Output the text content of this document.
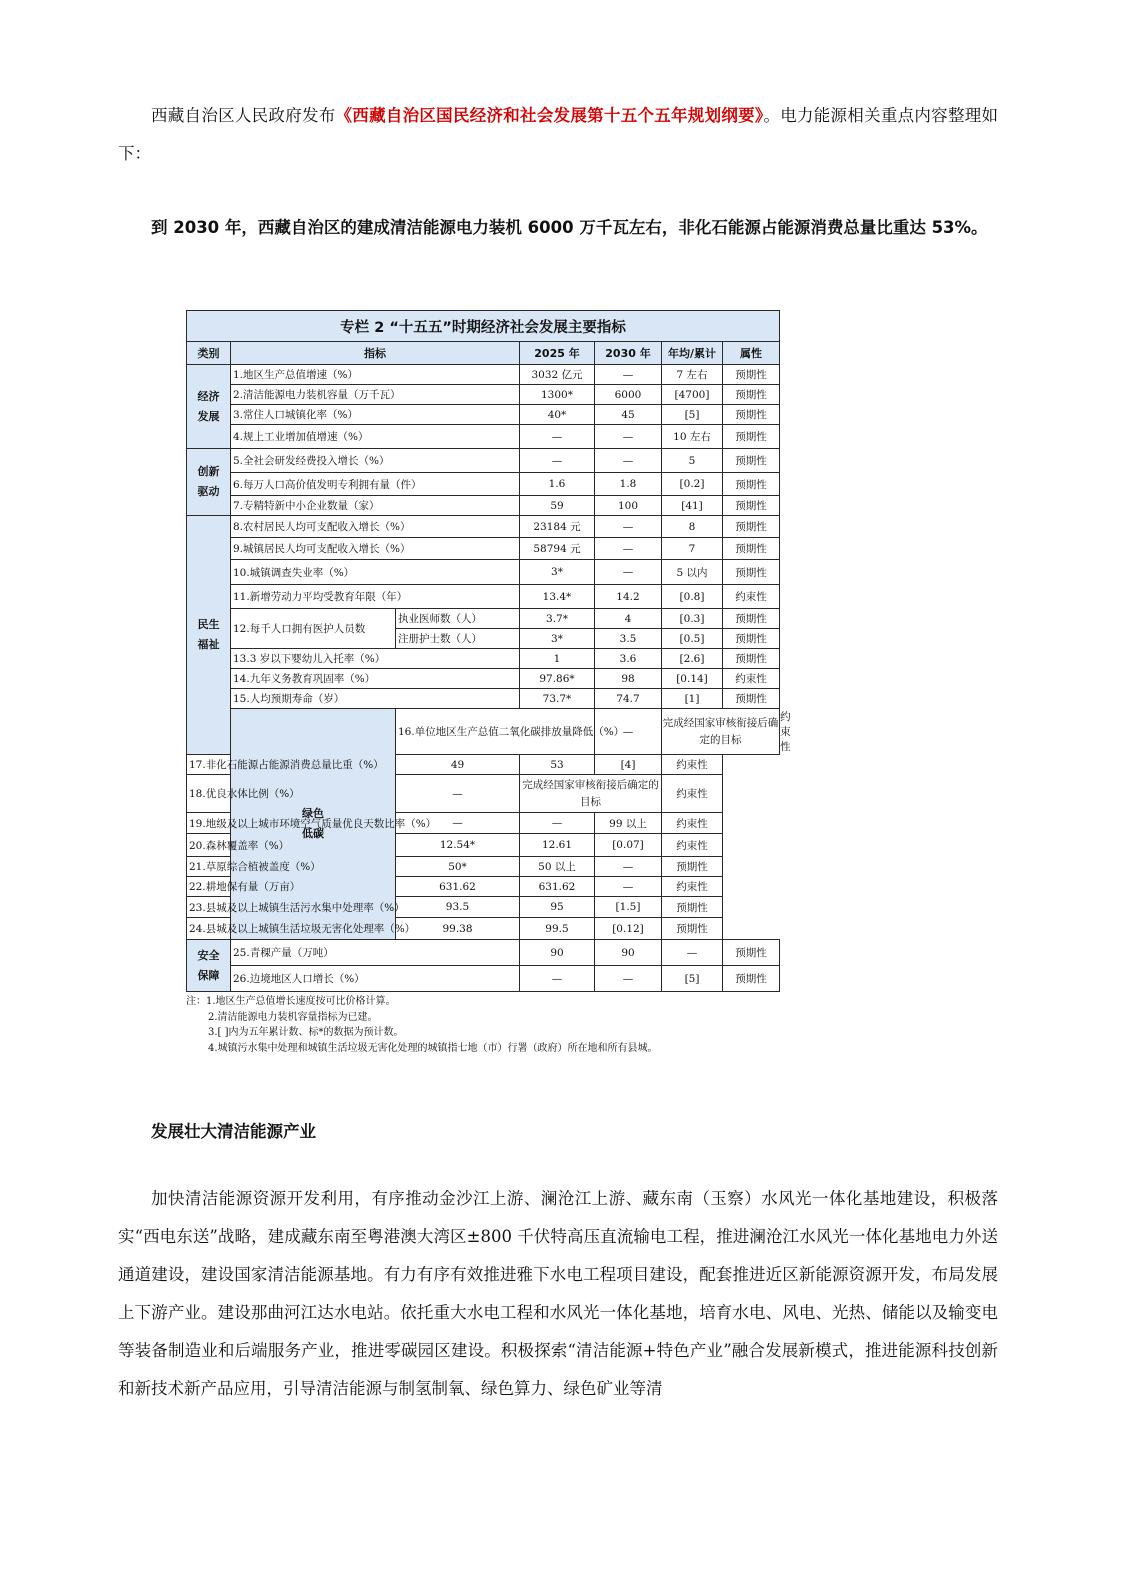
西藏自治区人民政府发布《西藏自治区国民经济和社会发展第十五个五年规划纲要》。电力能源相关重点内容整理如下：

到 2030 年，西藏自治区的建成清洁能源电力装机 6000 万千瓦左右，非化石能源占能源消费总量比重达 53%。
专栏 2 “十五五”时期经济社会发展主要指标							
类别	指标		2025 年	2030 年	年均/累计	属性	
经济
发展	1.地区生产总值增速（%）		3032 亿元	—	7 左右	预期性	
	2.清洁能源电力装机容量（万千瓦）		1300*	6000	[4700]	预期性	
	3.常住人口城镇化率（%）		40*	45	[5]	预期性	
	4.规上工业增加值增速（%）		—	—	10 左右	预期性	
创新
驱动	5.全社会研发经费投入增长（%）		—	—	5	预期性	
	6.每万人口高价值发明专利拥有量（件）		1.6	1.8	[0.2]	预期性	
	7.专精特新中小企业数量（家）		59	100	[41]	预期性	
民生
福祉	8.农村居民人均可支配收入增长（%）		23184 元	—	8	预期性	
	9.城镇居民人均可支配收入增长（%）		58794 元	—	7	预期性	
	10.城镇调查失业率（%）		3*	—	5 以内	预期性	
	11.新增劳动力平均受教育年限（年）		13.4*	14.2	[0.8]	约束性	
	12.每千人口拥有医护人员数	执业医师数（人）	3.7*	4	[0.3]	预期性	
		注册护士数（人）	3*	3.5	[0.5]	预期性	
	13.3 岁以下婴幼儿入托率（%）		1	3.6	[2.6]	预期性	
	14.九年义务教育巩固率（%）		97.86*	98	[0.14]	约束性	
	15.人均预期寿命（岁）		73.7*	74.7	[1]	预期性	
	绿色
低碳	16.单位地区生产总值二氧化碳排放量降低（%）		—	完成经国家审核衔接后确定的目标		约束性
17.非化石能源占能源消费总量比重（%）		49	53	[4]	约束性		
18.优良水体比例（%）		—	完成经国家审核衔接后确定的目标		约束性		
19.地级及以上城市环境空气质量优良天数比率（%）		—	—	99 以上	约束性		
20.森林覆盖率（%）		12.54*	12.61	[0.07]	约束性		
21.草原综合植被盖度（%）		50*	50 以上	—	预期性		
22.耕地保有量（万亩）		631.62	631.62	—	约束性		
23.县城及以上城镇生活污水集中处理率（%）		93.5	95	[1.5]	预期性		
24.县城及以上城镇生活垃圾无害化处理率（%）		99.38	99.5	[0.12]	预期性		
安全
保障	25.青稞产量（万吨）		90	90	—	预期性	
	26.边境地区人口增长（%）		—	—	[5]	预期性	
注：1.地区生产总值增长速度按可比价格计算。
2.清洁能源电力装机容量指标为已建。
3.[ ]内为五年累计数、标*的数据为预计数。
4.城镇污水集中处理和城镇生活垃圾无害化处理的城镇指七地（市）行署（政府）所在地和所有县城。
发展壮大清洁能源产业

加快清洁能源资源开发利用，有序推动金沙江上游、澜沧江上游、藏东南（玉察）水风光一体化基地建设，积极落实“西电东送”战略，建成藏东南至粤港澳大湾区±800 千伏特高压直流输电工程，推进澜沧江水风光一体化基地电力外送通道建设，建设国家清洁能源基地。有力有序有效推进雅下水电工程项目建设，配套推进近区新能源资源开发，布局发展上下游产业。建设那曲河江达水电站。依托重大水电工程和水风光一体化基地，培育水电、风电、光热、储能以及输变电等装备制造业和后端服务产业，推进零碳园区建设。积极探索“清洁能源+特色产业”融合发展新模式，推进能源科技创新和新技术新产品应用，引导清洁能源与制氢制氧、绿色算力、绿色矿业等清
